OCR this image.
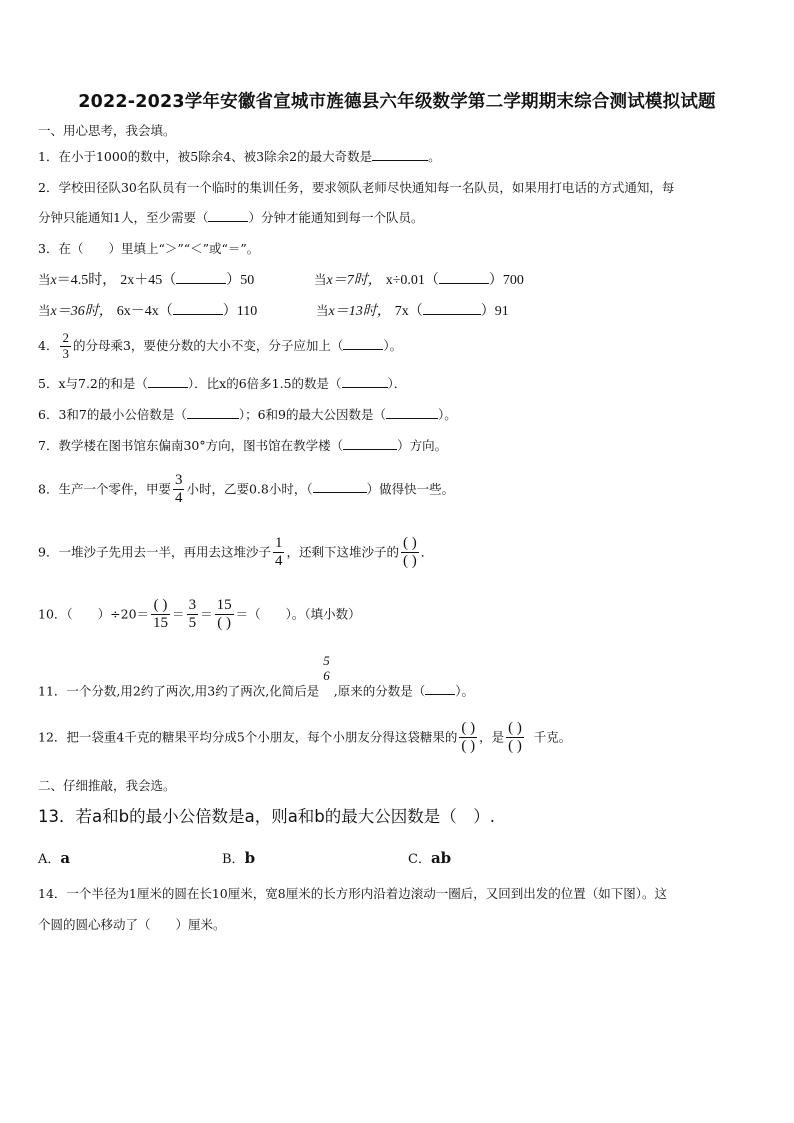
2022-2023学年安徽省宣城市旌德县六年级数学第二学期期末综合测试模拟试题
一、用心思考，我会填。
1．在小于1000的数中，被5除余4、被3除余2的最大奇数是	。
2．学校田径队30名队员有一个临时的集训任务，要求领队老师尽快通知每一名队员，如果用打电话的方式通知，每
分钟只能通知1人，至少需要（	）分钟才能通知到每一个队员。
3．在（　　）里填上“＞”“＜”或“＝”。
当x＝4.5时， 2x＋45（	）50	当x＝7时， x÷0.01（	）700
当x＝36时， 6x－4x（	）110	当x＝13时， 7x（	）91
4． $\frac{2}{3}$ 的分母乘3，要使分数的大小不变，分子应加上（	）。
5．x与7.2的和是（	）．比x的6倍多1.5的数是（	）．
6．3和7的最小公倍数是（	）；6和9的最大公因数是（	）。
7．教学楼在图书馆东偏南30°方向，图书馆在教学楼（	）方向。
8．生产一个零件，甲要 $\frac{3}{4}$ 小时，乙要0.8小时，（	）做得快一些。
9．一堆沙子先用去一半，再用去这堆沙子 $\frac{1}{4}$ ，还剩下这堆沙子的 $\frac{( )}{( )}$ ．
10．（　　）$\div 20= \frac{( )}{15} = \frac{3}{5} = \frac{15}{( )}$ ＝（　　）。（填小数）
11．一个分数,用2约了两次,用3约了两次,化简后是
5
6
,原来的分数是（ ）。
12．把一袋重4千克的糖果平均分成5个小朋友，每个小朋友分得这袋糖果的 $\frac{( )}{( )}$ ，是 $\frac{( )}{( )}$ 千克。
二、仔细推敲，我会选。
13．若a和b的最小公倍数是a，则a和b的最大公因数是（　）.
A．a	B．b	C．ab
14．一个半径为1厘米的圆在长10厘米，宽8厘米的长方形内沿着边滚动一圈后，又回到出发的位置（如下图）。这
个圆的圆心移动了（　　）厘米。
